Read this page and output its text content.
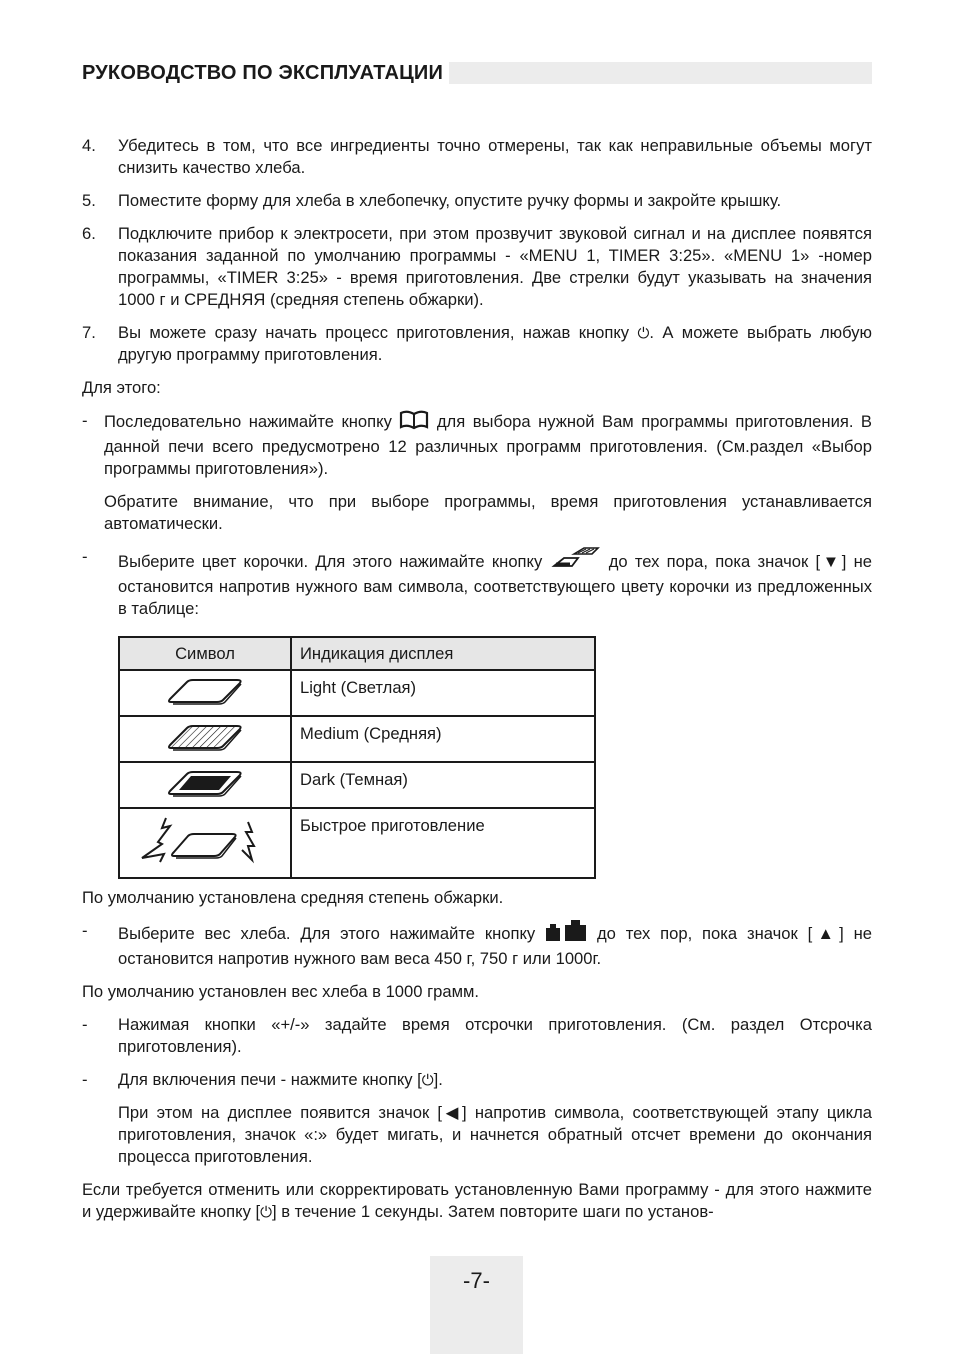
РУКОВОДСТВО ПО ЭКСПЛУАТАЦИИ
4. Убедитесь в том, что все ингредиенты точно отмерены, так как неправильные объемы могут снизить качество хлеба.
5. Поместите форму для хлеба в хлебопечку, опустите ручку формы и закройте крышку.
6. Подключите прибор к электросети, при этом прозвучит звуковой сигнал и на дисплее появятся показания заданной по умолчанию программы - «MENU 1, TIMER 3:25». «MENU 1» -номер программы, «TIMER 3:25» - время приготовления. Две стрелки будут указывать на значения 1000 г и СРЕДНЯЯ (средняя степень обжарки).
7. Вы можете сразу начать процесс приготовления, нажав кнопку ⏻. А можете выбрать любую другую программу приготовления.

Для этого:

- Последовательно нажимайте кнопку  для выбора нужной Вам программы приготовления. В данной печи всего предусмотрено 12 различных программ приготовления. (См.раздел «Выбор программы приготовления»).
Обратите внимание, что при выборе программы, время приготовления устанавливается автоматически.
- Выберите цвет корочки. Для этого нажимайте кнопку	до тех пора, пока значок [▼] не остановится напротив нужного вам символа, соответствующего цвету корочки из предложенных в таблице:
Символ	Индикация дисплея
	Light (Светлая)
	Medium (Средняя)
	Dark (Темная)
	Быстрое приготовление

По умолчанию установлена средняя степень обжарки.

- Выберите вес хлеба. Для этого нажимайте кнопку	до тех пор, пока значок [▲] не остановится напротив нужного вам веса 450 г, 750 г или 1000г.

По умолчанию установлен вес хлеба в 1000 грамм.

- Нажимая кнопки «+/-» задайте время отсрочки приготовления. (См. раздел Отсрочка приготовления).
- Для включения печи - нажмите кнопку [⏻].
При этом на дисплее появится значок [◀] напротив символа, соответствующей этапу цикла приготовления, значок «:» будет мигать, и начнется обратный отсчет времени до окончания процесса приготовления.

Если требуется отменить или скорректировать установленную Вами программу - для этого нажмите и удерживайте кнопку [⏻] в течение 1 секунды. Затем повторите шаги по установ-

-7-
